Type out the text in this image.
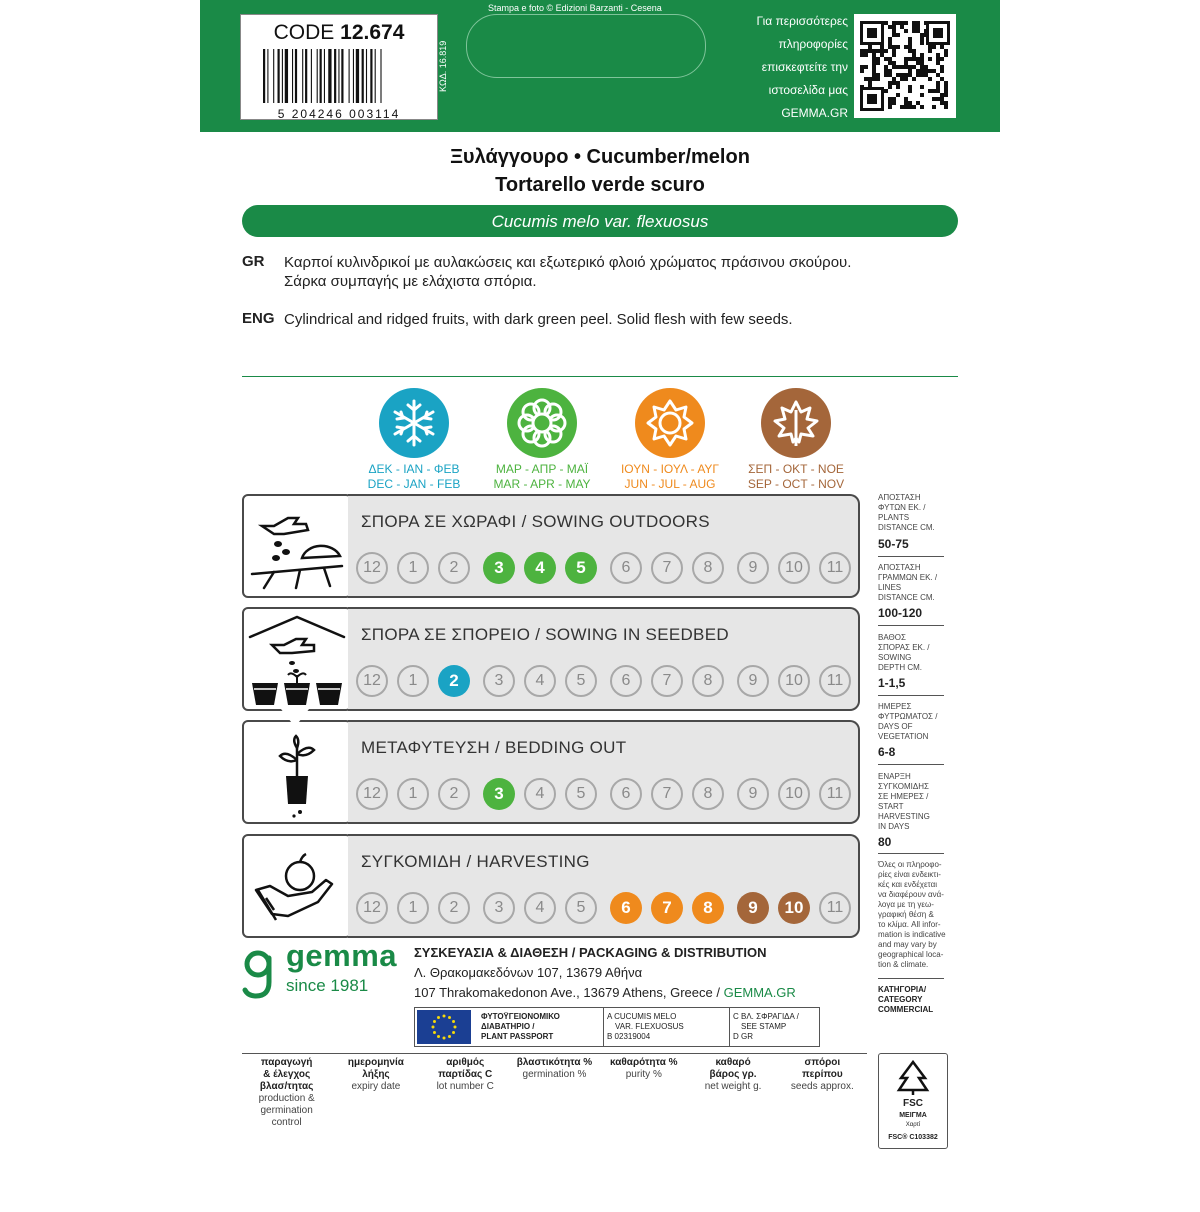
CODE 12.674
5 204246 003114
ΚΩΔ. 16.819
Stampa e foto © Edizioni Barzanti - Cesena
Για περισσότερες
πληροφορίες
επισκεφτείτε την
ιστοσελίδα μας
GEMMA.GR
Ξυλάγγουρο • Cucumber/melon
Tortarello verde scuro
Cucumis melo var. flexuosus
GR Καρποί κυλινδρικοί με αυλακώσεις και εξωτερικό φλοιό χρώματος πράσινου σκούρου.
Σάρκα συμπαγής με ελάχιστα σπόρια.
ENG Cylindrical and ridged fruits, with dark green peel. Solid flesh with few seeds.
ΔΕΚ - ΙΑΝ - ΦΕΒ
DEC - JAN - FEB
ΜΑΡ - ΑΠΡ - ΜΑΪ
MAR - APR - MAY
ΙΟΥΝ - ΙΟΥΛ - ΑΥΓ
JUN - JUL - AUG
ΣΕΠ - ΟΚΤ - ΝΟΕ
SEP - OCT - NOV
ΣΠΟΡΑ ΣΕ ΧΩΡΑΦΙ / SOWING OUTDOORS
12	1	2	3	4	5	6	7	8	9	10	11
ΣΠΟΡΑ ΣΕ ΣΠΟΡΕΙΟ / SOWING IN SEEDBED
12	1	2	3	4	5	6	7	8	9	10	11
ΜΕΤΑΦΥΤΕΥΣΗ / BEDDING OUT
12	1	2	3	4	5	6	7	8	9	10	11
ΣΥΓΚΟΜΙΔΗ / HARVESTING
12	1	2	3	4	5	6	7	8	9	10	11
ΑΠΟΣΤΑΣΗ
ΦΥΤΩΝ ΕΚ. /
PLANTS
DISTANCE CM.
50-75
ΑΠΟΣΤΑΣΗ
ΓΡΑΜΜΩΝ ΕΚ. /
LINES
DISTANCE CM.
100-120
ΒΑΘΟΣ
ΣΠΟΡΑΣ ΕΚ. /
SOWING
DEPTH CM.
1-1,5
ΗΜΕΡΕΣ
ΦΥΤΡΩΜΑΤΟΣ /
DAYS OF
VEGETATION
6-8
ΕΝΑΡΞΗ
ΣΥΓΚΟΜΙΔΗΣ
ΣΕ ΗΜΕΡΕΣ /
START
HARVESTING
IN DAYS
80
Όλες οι πληροφο-
ρίες είναι ενδεικτι-
κές και ενδέχεται
να διαφέρουν ανά-
λογα με τη γεω-
γραφική θέση &
το κλίμα. All infor-
mation is indicative
and may vary by
geographical loca-
tion & climate.
ΚΑΤΗΓΟΡΙΑ/
CATEGORY
COMMERCIAL
gemma
since 1981
ΣΥΣΚΕΥΑΣΙΑ & ΔΙΑΘΕΣΗ / PACKAGING & DISTRIBUTION
Λ. Θρακομακεδόνων 107, 13679 Αθήνα
107 Thrakomakedonon Ave., 13679 Athens, Greece / GEMMA.GR
ΦΥΤΟΫΓΕΙΟΝΟΜΙΚΟ
ΔΙΑΒΑΤΗΡΙΟ /
PLANT PASSPORT
A CUCUMIS MELO
VAR. FLEXUOSUS
B 02319004
C ΒΛ. ΣΦΡΑΓΙΔΑ /
SEE STAMP
D GR
παραγωγή
& έλεγχος
βλασ/τητας
production &
germination
control
ημερομηνία
λήξης
expiry date
αριθμός
παρτίδας C
lot number C
βλαστικότητα %
germination %
καθαρότητα %
purity %
καθαρό
βάρος γρ.
net weight g.
σπόροι
περίπου
seeds approx.
FSC
ΜΕΙΓΜΑ
Χαρτί
FSC® C103382
